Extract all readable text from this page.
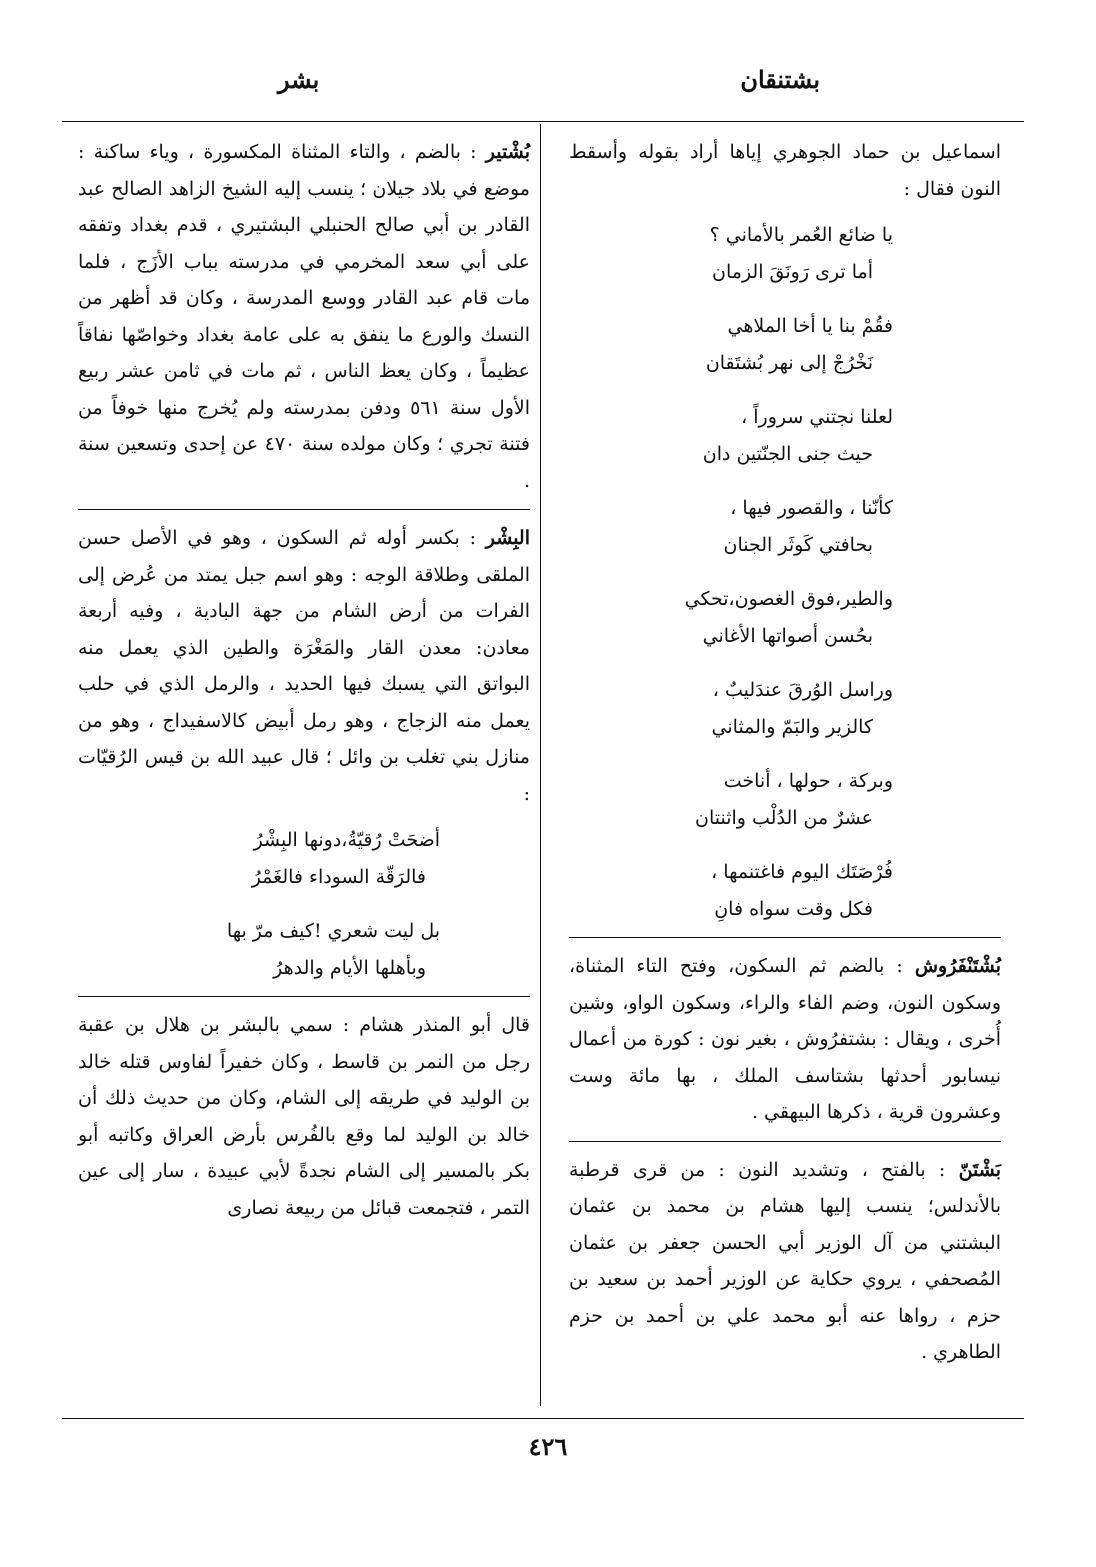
بشتنقان
بشر

اسماعيل بن حماد الجوهري إياها أراد بقوله وأسقط النون فقال :

يا ضائع العُمر بالأماني ؟
أما ترى رَونَقَ الزمان
فقُمْ بنا يا أخا الملاهي
نَخْرُجْ إلى نهر بُشتَقان
لعلنا نجتني سروراً ،
حيث جنى الجنّتين دان
كأنّنا ، والقصور فيها ،
بحافتي كَوثَر الجنان
والطير،فوق الغصون،تحكي
بحُسن أصواتها الأغاني
وراسل الوُرقَ عندَليبٌ ،
كالزير والبَمّ والمثاني
وبركة ، حولها ، أناخت
عشرٌ من الدُلْب واثنتان
فُرْصَتَك اليوم فاغتنمها ،
فكل وقت سواه فانِ

بُشْتَنْفَرُوش : بالضم ثم السكون، وفتح التاء المثناة، وسكون النون، وضم الفاء والراء، وسكون الواو، وشين أُخرى ، ويقال : بشتفرُوش ، بغير نون : كورة من أعمال نيسابور أحدثها بشتاسف الملك ، بها مائة وست وعشرون قرية ، ذكرها البيهقي .

بَشْتَنّ : بالفتح ، وتشديد النون : من قرى قرطبة بالأندلس؛ ينسب إليها هشام بن محمد بن عثمان البشتني من آل الوزير أبي الحسن جعفر بن عثمان المُصحفي ، يروي حكاية عن الوزير أحمد بن سعيد بن حزم ، رواها عنه أبو محمد علي بن أحمد بن حزم الطاهري .

بُشْتير : بالضم ، والتاء المثناة المكسورة ، وياء ساكنة : موضع في بلاد جيلان ؛ ينسب إليه الشيخ الزاهد الصالح عبد القادر بن أبي صالح الحنبلي البشتيري ، قدم بغداد وتفقه على أبي سعد المخرمي في مدرسته بباب الأزَج ، فلما مات قام عبد القادر ووسع المدرسة ، وكان قد أظهر من النسك والورع ما ينفق به على عامة بغداد وخواصّها نفاقاً عظيماً ، وكان يعظ الناس ، ثم مات في ثامن عشر ربيع الأول سنة ٥٦١ ودفن بمدرسته ولم يُخرج منها خوفاً من فتنة تجري ؛ وكان مولده سنة ٤٧٠ عن إحدى وتسعين سنة .

البِشْر : بكسر أوله ثم السكون ، وهو في الأصل حسن الملقى وطلاقة الوجه : وهو اسم جبل يمتد من عُرض إلى الفرات من أرض الشام من جهة البادية ، وفيه أربعة معادن: معدن القار والمَغْرَة والطين الذي يعمل منه البواتق التي يسبك فيها الحديد ، والرمل الذي في حلب يعمل منه الزجاج ، وهو رمل أبيض كالاسفيداج ، وهو من منازل بني تغلب بن وائل ؛ قال عبيد الله بن قيس الرُقيّات :

أضحَتْ رُقيّةُ،دونها البِشْرُ
فالرَقّة السوداء فالغَمْرُ
بل ليت شعري !كيف مرّ بها
وبأهلها الأيام والدهرُ

قال أبو المنذر هشام : سمي بالبشر بن هلال بن عقبة رجل من النمر بن قاسط ، وكان خفيراً لفاوس قتله خالد بن الوليد في طريقه إلى الشام، وكان من حديث ذلك أن خالد بن الوليد لما وقع بالفُرس بأرض العراق وكاتبه أبو بكر بالمسير إلى الشام نجدةً لأبي عبيدة ، سار إلى عين التمر ، فتجمعت قبائل من ربيعة نصارى

٤٢٦
